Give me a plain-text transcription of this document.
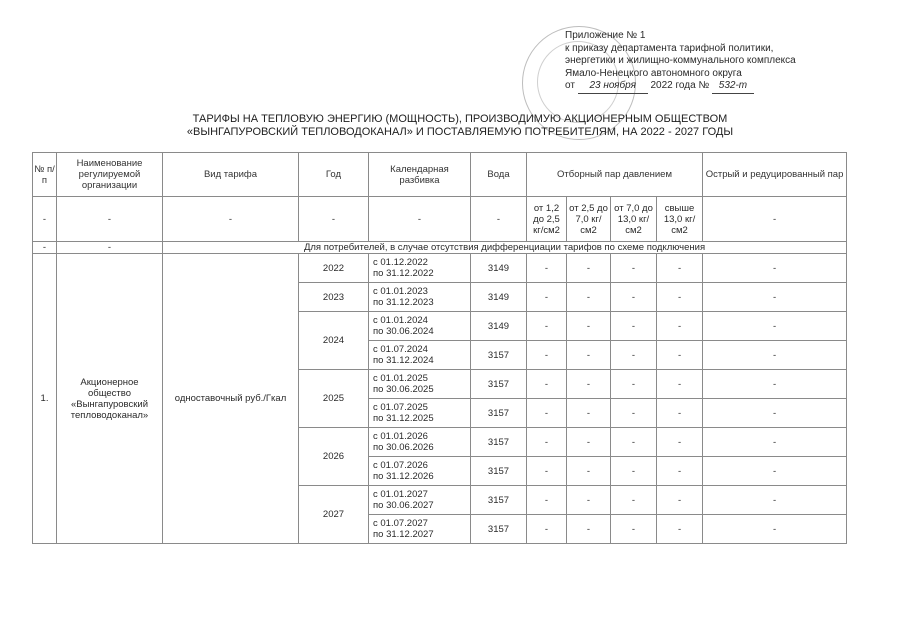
Приложение № 1
к приказу департамента тарифной политики,
энергетики и жилищно-коммунального комплекса
Ямало-Ненецкого автономного округа
от 23 ноября 2022 года № 532-т
ТАРИФЫ НА ТЕПЛОВУЮ ЭНЕРГИЮ (МОЩНОСТЬ), ПРОИЗВОДИМУЮ АКЦИОНЕРНЫМ ОБЩЕСТВОМ
«ВЫНГАПУРОВСКИЙ ТЕПЛОВОДОКАНАЛ» И ПОСТАВЛЯЕМУЮ ПОТРЕБИТЕЛЯМ, НА 2022 - 2027 ГОДЫ
№ п/п	Наименование регулируемой организации	Вид тарифа	Год	Календарная разбивка	Вода	Отборный пар давлением				Острый и редуцированный пар
-	-	-	-	-	-	от 1,2 до 2,5 кг/см2	от 2,5 до 7,0 кг/см2	от 7,0 до 13,0 кг/см2	свыше 13,0 кг/см2	-
-	-	Для потребителей, в случае отсутствия дифференциации тарифов по схеме подключения								
1.	Акционерное общество «Вынгапуровский тепловодоканал»	одноставочный руб./Гкал	2022	с 01.12.2022
по 31.12.2022	3149	-	-	-	-	-
			2023	с 01.01.2023
по 31.12.2023	3149	-	-	-	-	-
			2024	с 01.01.2024
по 30.06.2024	3149	-	-	-	-	-

				с 01.07.2024
по 31.12.2024	3157	-	-	-	-	-
			2025	с 01.01.2025
по 30.06.2025	3157	-	-	-	-	-

				с 01.07.2025
по 31.12.2025	3157	-	-	-	-	-
			2026	с 01.01.2026
по 30.06.2026	3157	-	-	-	-	-

				с 01.07.2026
по 31.12.2026	3157	-	-	-	-	-
			2027	с 01.01.2027
по 30.06.2027	3157	-	-	-	-	-

				с 01.07.2027
по 31.12.2027	3157	-	-	-	-	-
